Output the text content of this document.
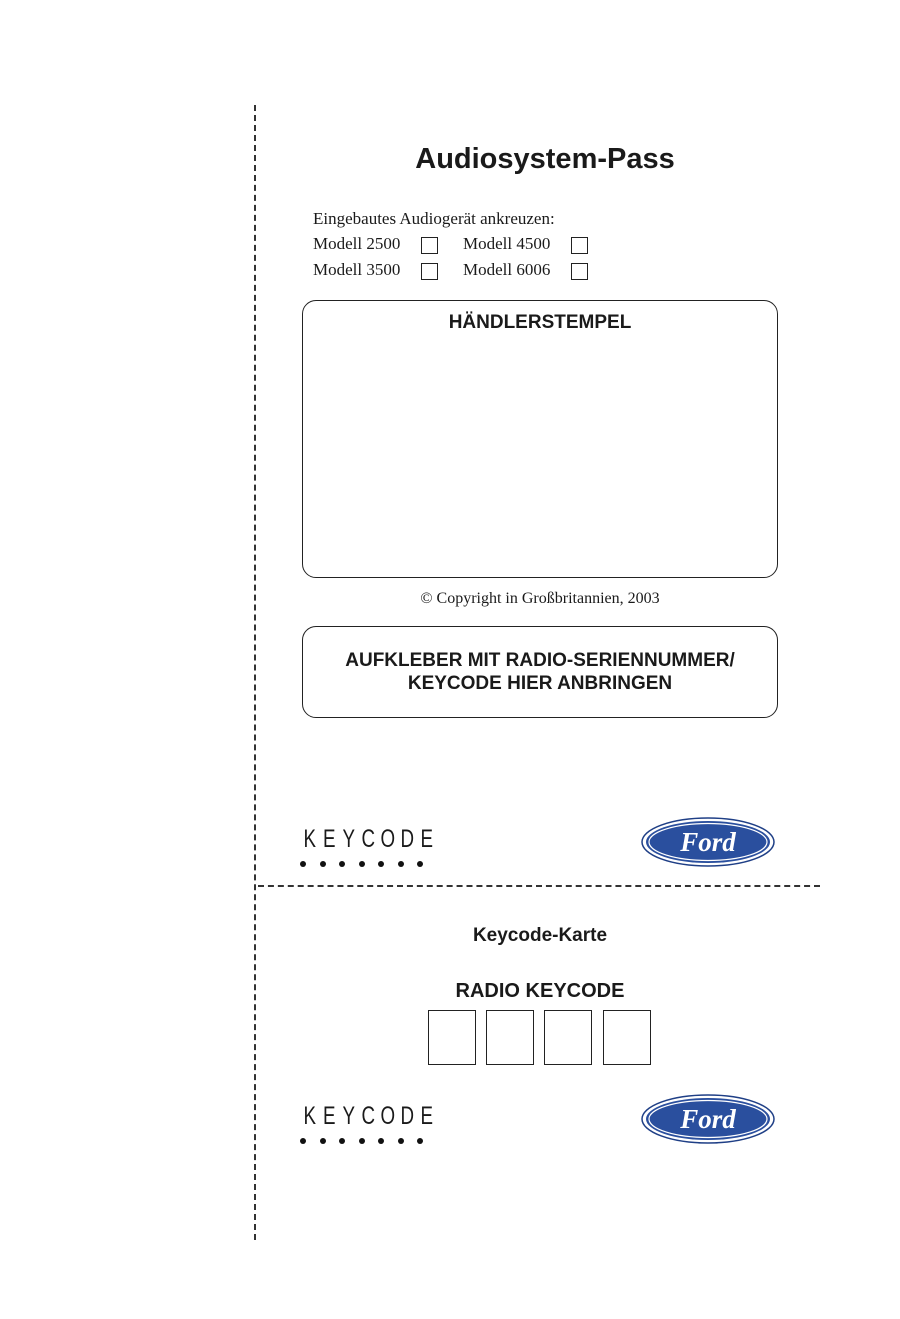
Audiosystem-Pass
Eingebautes Audiogerät ankreuzen:
Modell 2500	Modell 4500
Modell 3500	Modell 6006
HÄNDLERSTEMPEL
© Copyright in Großbritannien, 2003
AUFKLEBER MIT RADIO-SERIENNUMMER/
KEYCODE HIER ANBRINGEN
K E Y C O D E	Ford
Keycode-Karte
RADIO KEYCODE
K E Y C O D E	Ford
